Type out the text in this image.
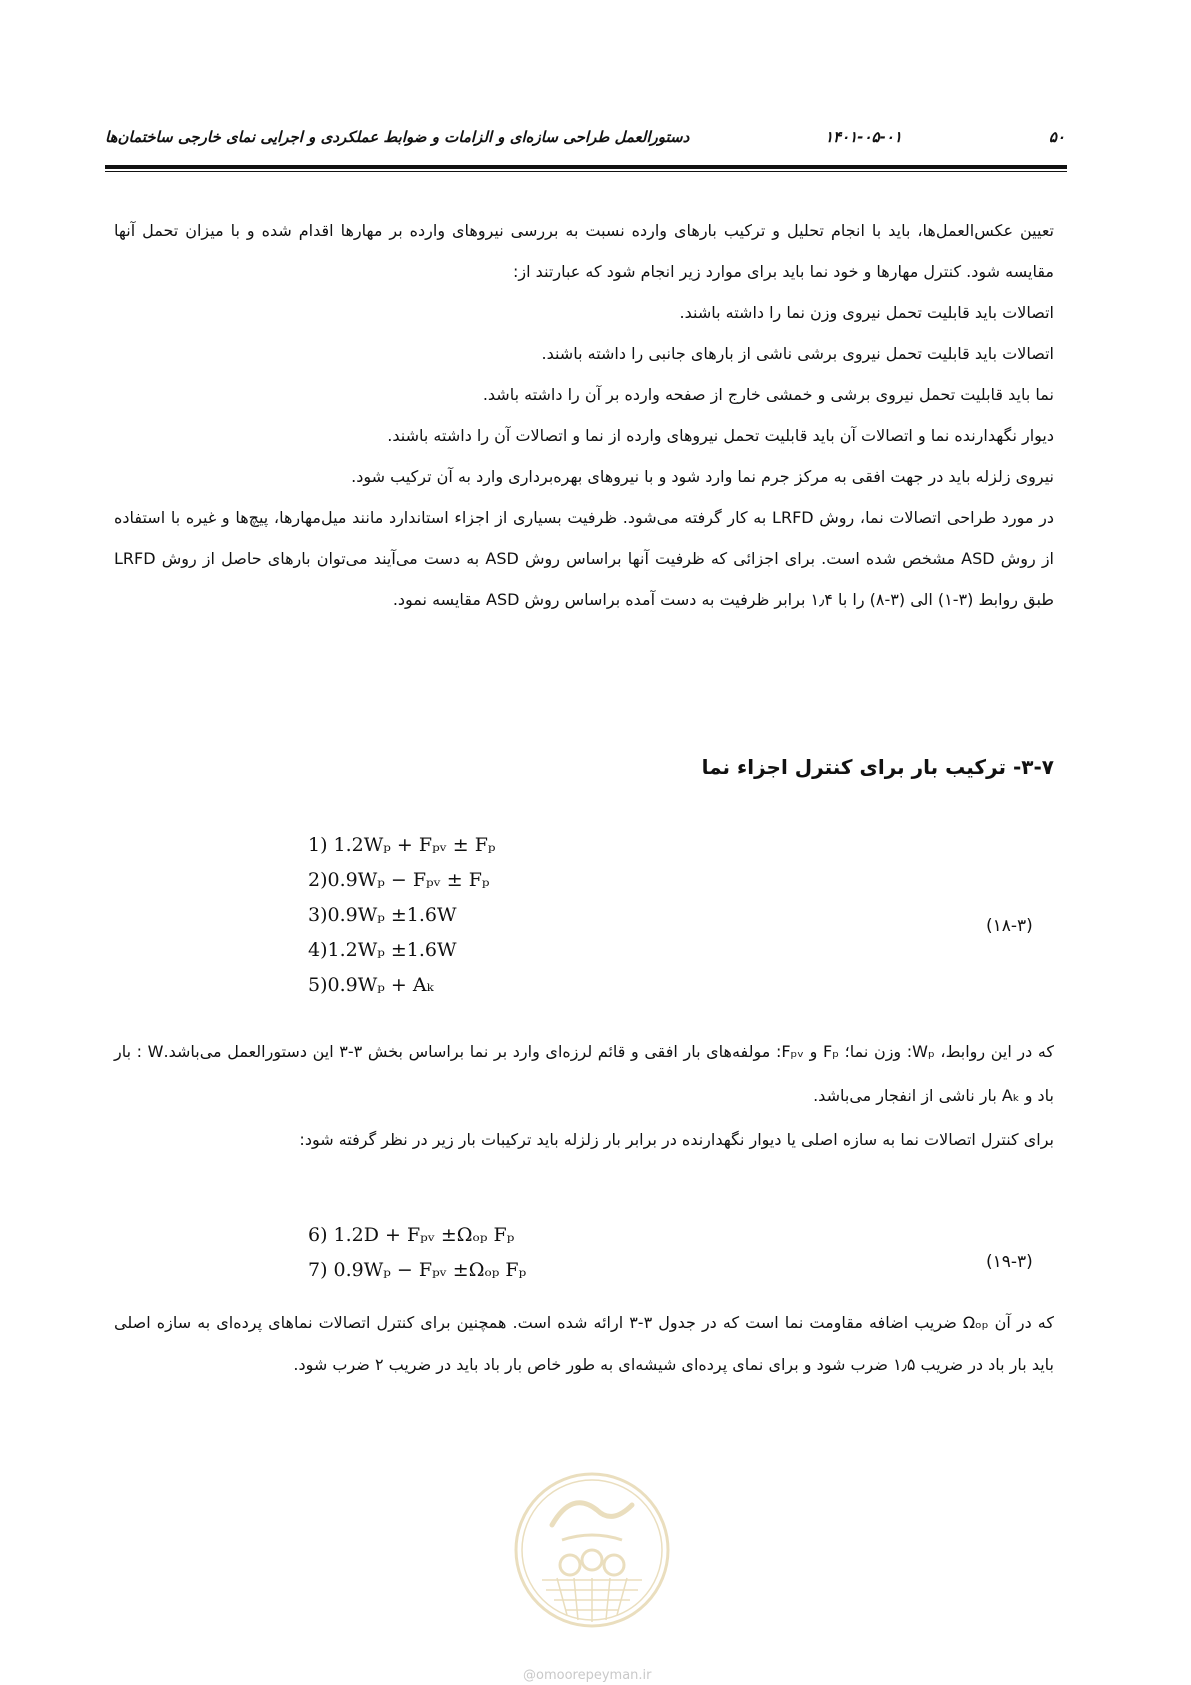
دستورالعمل طراحی سازه‌ای و الزامات و ضوابط عملکردی و اجرایی نمای خارجی ساختمان‌ها	۱۴۰۱-۰۵-۰۱	۵۰

تعیین عکس‌العمل‌ها، باید با انجام تحلیل و ترکیب بارهای وارده نسبت به بررسی نیروهای وارده بر مهارها اقدام شده و با میزان تحمل آنها مقایسه شود. کنترل مهارها و خود نما باید برای موارد زیر انجام شود که عبارتند از:

اتصالات باید قابلیت تحمل نیروی وزن نما را داشته باشند.

اتصالات باید قابلیت تحمل نیروی برشی ناشی از بارهای جانبی را داشته باشند.

نما باید قابلیت تحمل نیروی برشی و خمشی خارج از صفحه وارده بر آن را داشته باشد.

دیوار نگهدارنده نما و اتصالات آن باید قابلیت تحمل نیروهای وارده از نما و اتصالات آن را داشته باشند.

نیروی زلزله باید در جهت افقی به مرکز جرم نما وارد شود و با نیروهای بهره‌برداری وارد به آن ترکیب شود.

در مورد طراحی اتصالات نما، روش LRFD به کار گرفته می‌شود. ظرفیت بسیاری از اجزاء استاندارد مانند میل‌مهارها، پیچ‌ها و غیره با استفاده از روش ASD مشخص شده است. برای اجزائی که ظرفیت آنها براساس روش ASD به دست می‌آیند می‌توان بارهای حاصل از روش LRFD طبق روابط (۳-۱) الی (۳-۸) را با ۱٫۴ برابر ظرفیت به دست آمده براساس روش ASD مقایسه نمود.

۳-۷- ترکیب بار برای کنترل اجزاء نما
1) 1.2Wₚ + Fₚᵥ ± Fₚ
2)0.9Wₚ − Fₚᵥ ± Fₚ
3)0.9Wₚ ±1.6W
4)1.2Wₚ ±1.6W
5)0.9Wₚ + Aₖ
(۱۸-۳)

که در این روابط، Wₚ: وزن نما؛ Fₚ و Fₚᵥ: مولفه‌های بار افقی و قائم لرزه‌ای وارد بر نما براساس بخش ۳-۳ این دستورالعمل می‌باشد.W : بار باد و Aₖ بار ناشی از انفجار می‌باشد.

برای کنترل اتصالات نما به سازه اصلی یا دیوار نگهدارنده در برابر بار زلزله باید ترکیبات بار زیر در نظر گرفته شود:

6) 1.2D + Fₚᵥ ±Ωₒₚ Fₚ
7) 0.9Wₚ − Fₚᵥ ±Ωₒₚ Fₚ	(۱۹-۳)

که در آن Ωₒₚ ضریب اضافه مقاومت نما است که در جدول ۳-۳ ارائه شده است. همچنین برای کنترل اتصالات نماهای پرده‌ای به سازه اصلی باید بار باد در ضریب ۱٫۵ ضرب شود و برای نمای پرده‌ای شیشه‌ای به طور خاص بار باد باید در ضریب ۲ ضرب شود.

@omoorepeyman.ir
